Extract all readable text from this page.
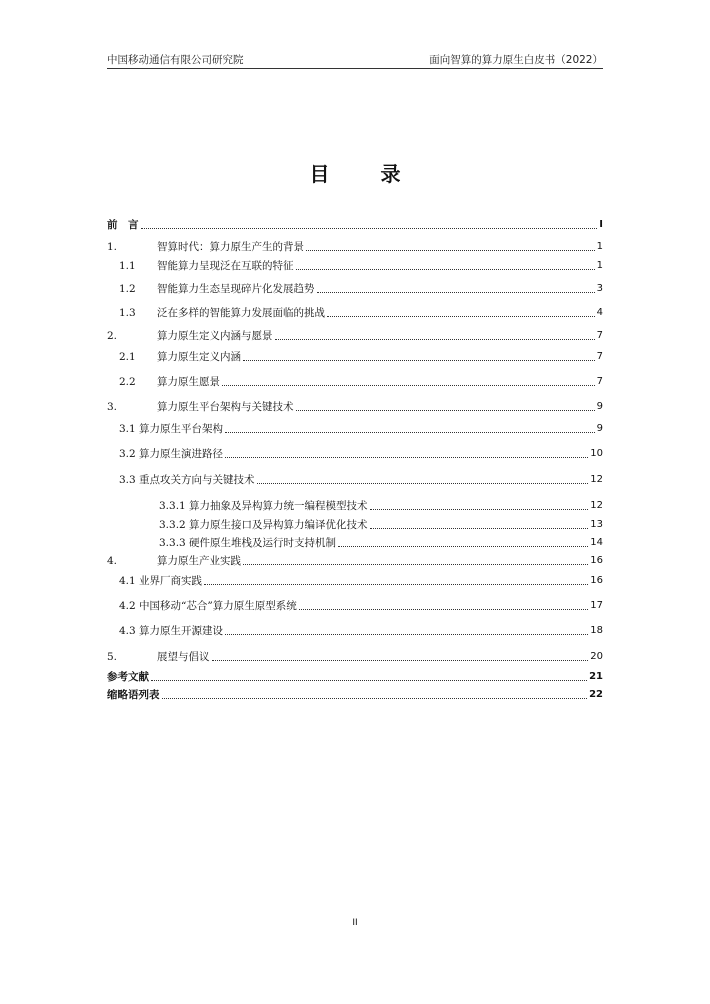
中国移动通信有限公司研究院	面向智算的算力原生白皮书（2022）
目 录
前　言	I
1.	智算时代：算力原生产生的背景	1
1.1	智能算力呈现泛在互联的特征	1
1.2	智能算力生态呈现碎片化发展趋势	3
1.3	泛在多样的智能算力发展面临的挑战	4
2.	算力原生定义内涵与愿景	7
2.1	算力原生定义内涵	7
2.2	算力原生愿景	7
3.	算力原生平台架构与关键技术	9
3.1 算力原生平台架构	9
3.2 算力原生演进路径	10
3.3 重点攻关方向与关键技术	12
3.3.1 算力抽象及异构算力统一编程模型技术	12
3.3.2 算力原生接口及异构算力编译优化技术	13
3.3.3 硬件原生堆栈及运行时支持机制	14
4.	算力原生产业实践	16
4.1 业界厂商实践	16
4.2 中国移动“芯合”算力原生原型系统	17
4.3 算力原生开源建设	18
5.	展望与倡议	20
参考文献	21
缩略语列表	22
II
